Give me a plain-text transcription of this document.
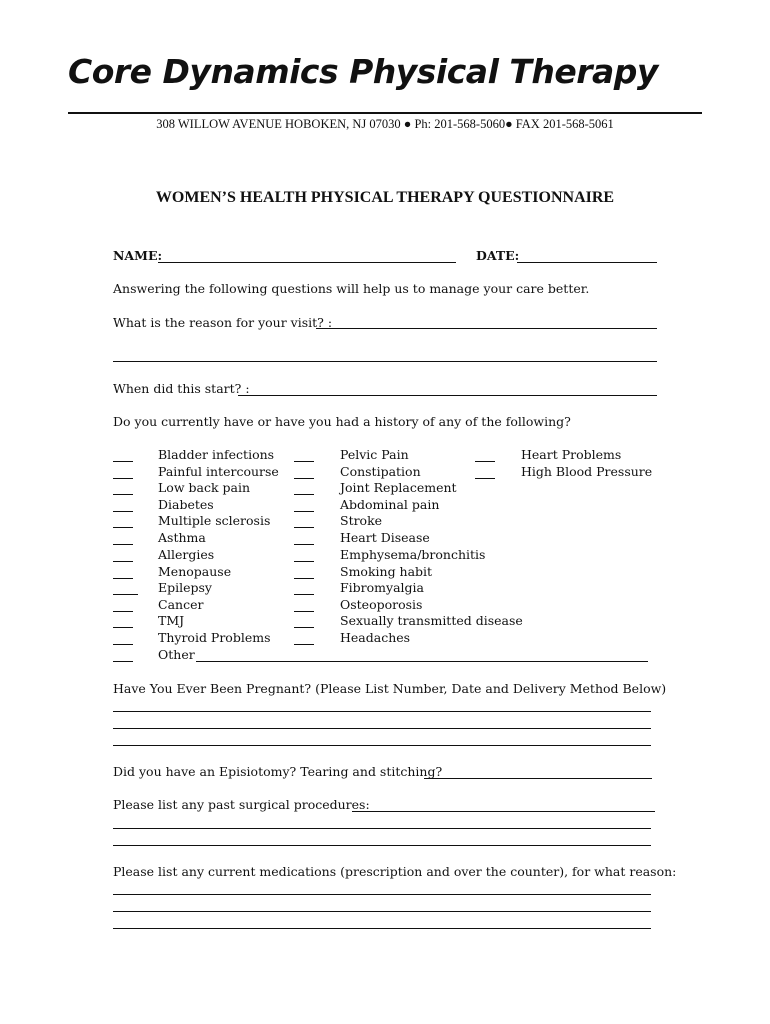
Core Dynamics Physical Therapy
308 WILLOW AVENUE HOBOKEN, NJ 07030 ● Ph: 201-568-5060● FAX 201-568-5061
WOMEN’S HEALTH PHYSICAL THERAPY QUESTIONNAIRE
NAME:	DATE:
Answering the following questions will help us to manage your care better.
What is the reason for your visit? :
When did this start? :
Do you currently have or have you had a history of any of the following?
Bladder infections
Painful intercourse
Low back pain
Diabetes
Multiple sclerosis
Asthma
Allergies
Menopause
Epilepsy
Cancer
TMJ
Thyroid Problems
Pelvic Pain
Constipation
Joint Replacement
Abdominal pain
Stroke
Heart Disease
Emphysema/bronchitis
Smoking habit
Fibromyalgia
Osteoporosis
Sexually transmitted disease
Headaches
Heart Problems
High Blood Pressure
Other
Have You Ever Been Pregnant? (Please List Number, Date and Delivery Method Below)
Did you have an Episiotomy? Tearing and stitching?
Please list any past surgical procedures:
Please list any current medications (prescription and over the counter), for what reason:
